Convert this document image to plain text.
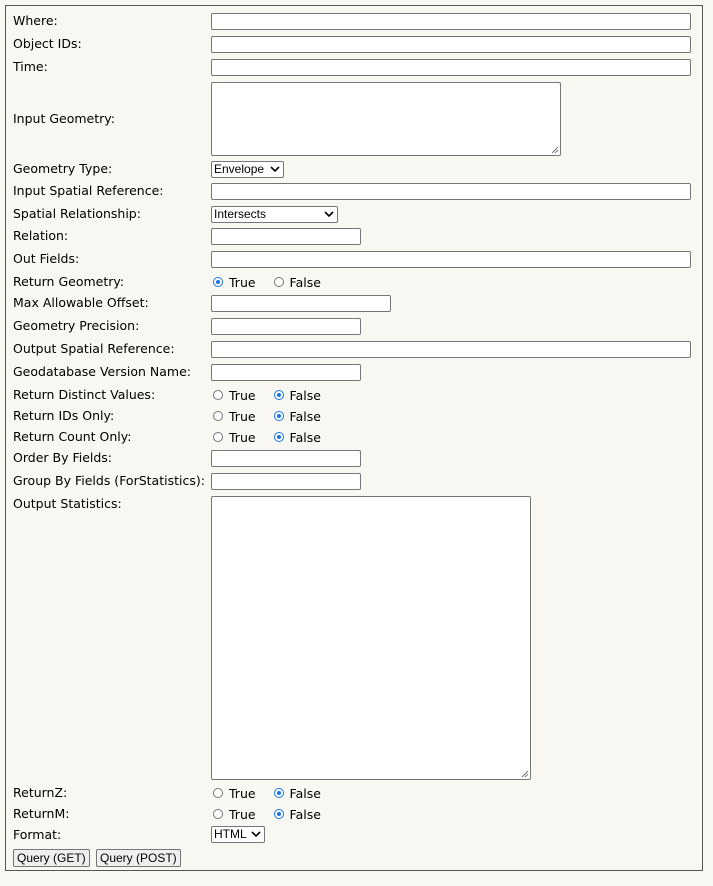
Where:
Object IDs:
Time:
Input Geometry:
Geometry Type:	Envelope
Input Spatial Reference:
Spatial Relationship:	Intersects
Relation:
Out Fields:
Return Geometry:	True	False
Max Allowable Offset:
Geometry Precision:
Output Spatial Reference:
Geodatabase Version Name:
Return Distinct Values:	True	False
Return IDs Only:	True	False
Return Count Only:	True	False
Order By Fields:
Group By Fields (ForStatistics):
Output Statistics:
ReturnZ:	True	False
ReturnM:	True	False
Format:	HTML
Query (GET)	Query (POST)
